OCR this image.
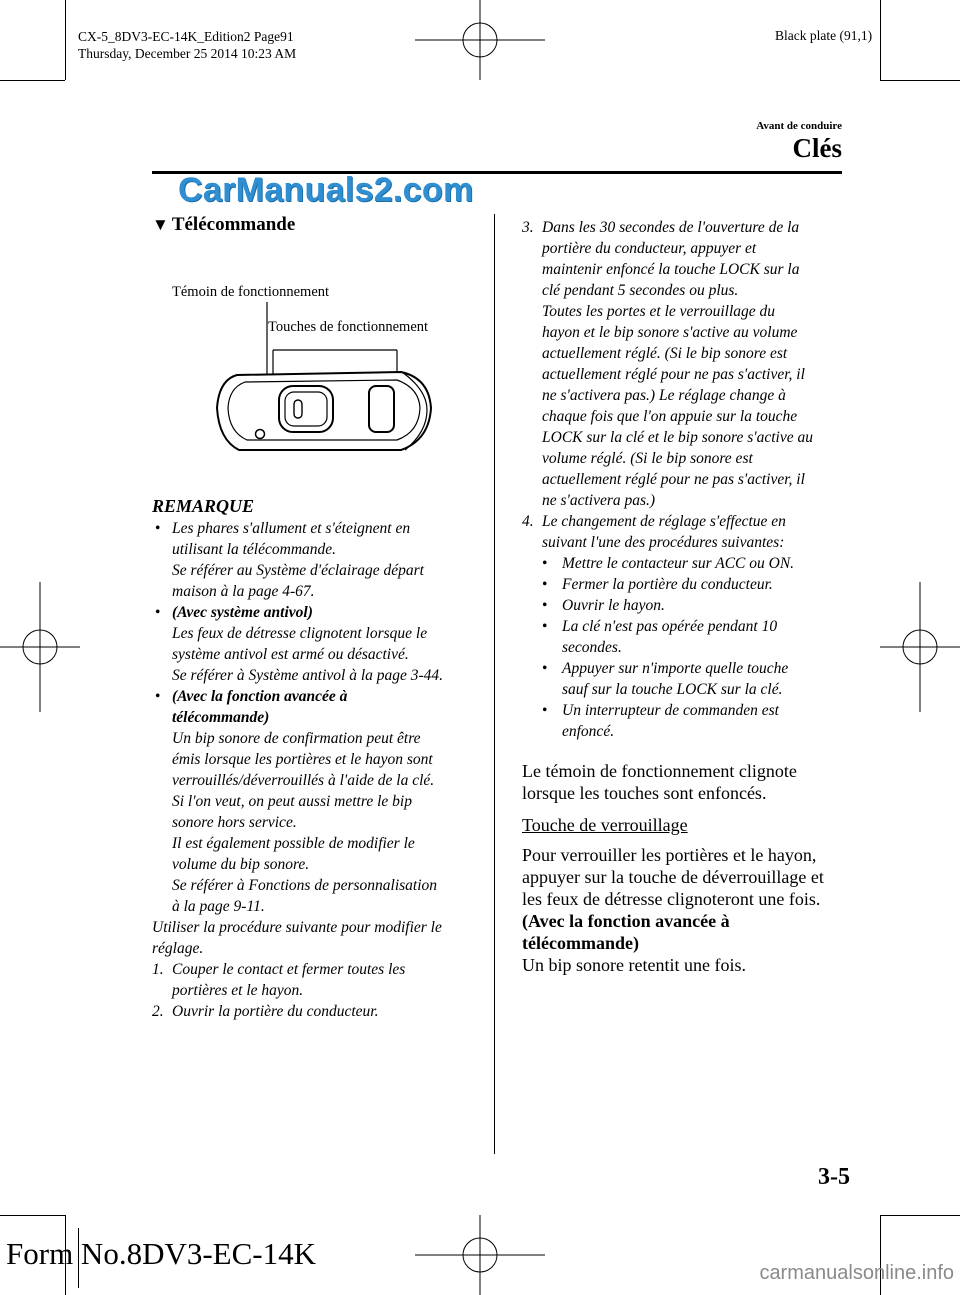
CX-5_8DV3-EC-14K_Edition2 Page91
Thursday, December 25 2014 10:23 AM
Black plate (91,1)
Avant de conduire
Clés
CarManuals2.com
▼ Télécommande
Témoin de fonctionnement
Touches de fonctionnement
REMARQUE
• Les phares s'allument et s'éteignent en

utilisant la télécommande.

Se référer au Système d'éclairage départ

maison à la page 4-67.

• (Avec système antivol)

Les feux de détresse clignotent lorsque le

système antivol est armé ou désactivé.

Se référer à Système antivol à la page 3-44.

• (Avec la fonction avancée à

télécommande)

Un bip sonore de confirmation peut être

émis lorsque les portières et le hayon sont

verrouillés/déverrouillés à l'aide de la clé.

Si l'on veut, on peut aussi mettre le bip

sonore hors service.

Il est également possible de modifier le

volume du bip sonore.

Se référer à Fonctions de personnalisation

à la page 9-11.

Utiliser la procédure suivante pour modifier le

réglage.

1. Couper le contact et fermer toutes les

portières et le hayon.

2. Ouvrir la portière du conducteur.

3. Dans les 30 secondes de l'ouverture de la

portière du conducteur, appuyer et

maintenir enfoncé la touche LOCK sur la

clé pendant 5 secondes ou plus.

Toutes les portes et le verrouillage du

hayon et le bip sonore s'active au volume

actuellement réglé. (Si le bip sonore est

actuellement réglé pour ne pas s'activer, il

ne s'activera pas.) Le réglage change à

chaque fois que l'on appuie sur la touche

LOCK sur la clé et le bip sonore s'active au

volume réglé. (Si le bip sonore est

actuellement réglé pour ne pas s'activer, il

ne s'activera pas.)

4. Le changement de réglage s'effectue en

suivant l'une des procédures suivantes:

• Mettre le contacteur sur ACC ou ON.

• Fermer la portière du conducteur.

• Ouvrir le hayon.

• La clé n'est pas opérée pendant 10

secondes.

• Appuyer sur n'importe quelle touche

sauf sur la touche LOCK sur la clé.

• Un interrupteur de commanden est

enfoncé.

Le témoin de fonctionnement clignote

lorsque les touches sont enfoncés.

Touche de verrouillage

Pour verrouiller les portières et le hayon,

appuyer sur la touche de déverrouillage et

les feux de détresse clignoteront une fois.

(Avec la fonction avancée à

télécommande)

Un bip sonore retentit une fois.

3-5
Form No.8DV3-EC-14K
carmanualsonline.info
